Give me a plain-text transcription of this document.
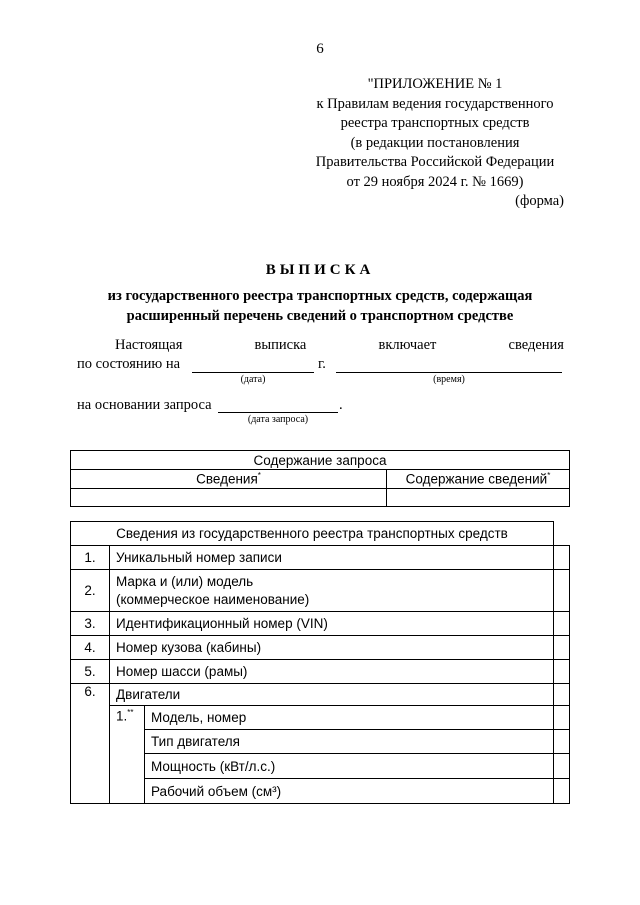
6
"ПРИЛОЖЕНИЕ № 1
к Правилам ведения государственного
реестра транспортных средств
(в редакции постановления
Правительства Российской Федерации
от 29 ноября 2024 г. № 1669)
(форма)
ВЫПИСКА
из государственного реестра транспортных средств, содержащая
расширенный перечень сведений о транспортном средстве
Настоящая	выписка	включает	сведения
по состоянию на	г.
(дата)	(время)
на основании запроса	.
(дата запроса)
Содержание запроса	
Сведения*	Содержание сведений*

Сведения из государственного реестра транспортных средств		
1.	Уникальный номер записи		
2.	Марка и (или) модель
(коммерческое наименование)		

3.	Идентификационный номер (VIN)		
4.	Номер кузова (кабины)		
5.	Номер шасси (рамы)		
6.	Двигатели		
	1.**	Модель, номер	
		Тип двигателя	
		Мощность (кВт/л.с.)	
		Рабочий объем (см³)	
